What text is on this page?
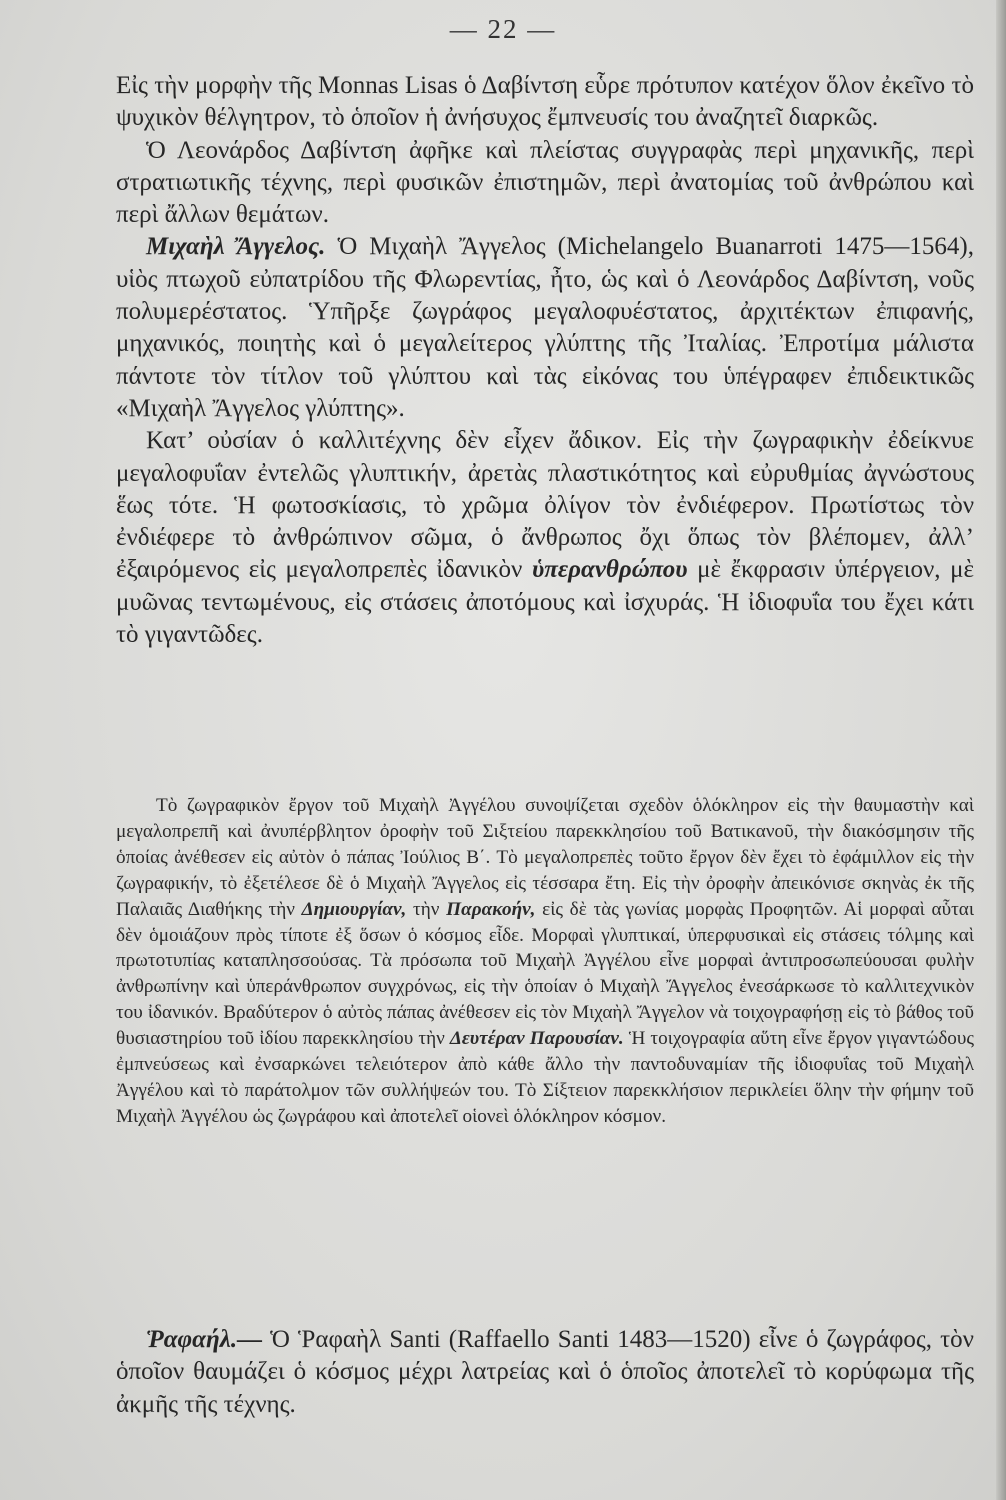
— 22 —

Εἰς τὴν μορφὴν τῆς Monnas Lisas ὁ Δαβίντση εὗρε πρότυπον κατέχον ὅλον ἐκεῖνο τὸ ψυχικὸν θέλγητρον, τὸ ὁποῖον ἡ ἀνήσυχος ἔμπνευσίς του ἀναζητεῖ διαρκῶς.

Ὁ Λεονάρδος Δαβίντση ἀφῆκε καὶ πλείστας συγγραφὰς περὶ μηχανικῆς, περὶ στρατιωτικῆς τέχνης, περὶ φυσικῶν ἐπιστημῶν, περὶ ἀνατομίας τοῦ ἀνθρώπου καὶ περὶ ἄλλων θεμάτων.

Μιχαὴλ Ἄγγελος. Ὁ Μιχαὴλ Ἄγγελος (Michelangelo Buanarroti 1475—1564), υἱὸς πτωχοῦ εὐπατρίδου τῆς Φλωρεντίας, ἦτο, ὡς καὶ ὁ Λεονάρδος Δαβίντση, νοῦς πολυμερέστατος. Ὑπῆρξε ζωγράφος μεγαλοφυέστατος, ἀρχιτέκτων ἐπιφανής, μηχανικός, ποιητὴς καὶ ὁ μεγαλείτερος γλύπτης τῆς Ἰταλίας. Ἐπροτίμα μάλιστα πάντοτε τὸν τίτλον τοῦ γλύπτου καὶ τὰς εἰκόνας του ὑπέγραφεν ἐπιδεικτικῶς «Μιχαὴλ Ἄγγελος γλύπτης».

Κατ’ οὐσίαν ὁ καλλιτέχνης δὲν εἶχεν ἄδικον. Εἰς τὴν ζωγραφικὴν ἐδείκνυε μεγαλοφυΐαν ἐντελῶς γλυπτικήν, ἀρετὰς πλαστικότητος καὶ εὐρυθμίας ἀγνώστους ἕως τότε. Ἡ φωτοσκίασις, τὸ χρῶμα ὀλίγον τὸν ἐνδιέφερον. Πρωτίστως τὸν ἐνδιέφερε τὸ ἀνθρώπινον σῶμα, ὁ ἄνθρωπος ὄχι ὅπως τὸν βλέπομεν, ἀλλ’ ἐξαιρόμενος εἰς μεγαλοπρεπὲς ἰδανικὸν ὑπερανθρώπου μὲ ἔκφρασιν ὑπέργειον, μὲ μυῶνας τεντωμένους, εἰς στάσεις ἀποτόμους καὶ ἰσχυράς. Ἡ ἰδιοφυΐα του ἔχει κάτι τὸ γιγαντῶδες.

Τὸ ζωγραφικὸν ἔργον τοῦ Μιχαὴλ Ἀγγέλου συνοψίζεται σχεδὸν ὁλόκληρον εἰς τὴν θαυμαστὴν καὶ μεγαλοπρεπῆ καὶ ἀνυπέρβλητον ὀροφὴν τοῦ Σιξτείου παρεκκλησίου τοῦ Βατικανοῦ, τὴν διακόσμησιν τῆς ὁποίας ἀνέθεσεν εἰς αὐτὸν ὁ πάπας Ἰούλιος Β΄. Τὸ μεγαλοπρεπὲς τοῦτο ἔργον δὲν ἔχει τὸ ἐφάμιλλον εἰς τὴν ζωγραφικήν, τὸ ἐξετέλεσε δὲ ὁ Μιχαὴλ Ἄγγελος εἰς τέσσαρα ἔτη. Εἰς τὴν ὀροφὴν ἀπεικόνισε σκηνὰς ἐκ τῆς Παλαιᾶς Διαθήκης τὴν Δημιουργίαν, τὴν Παρακοήν, εἰς δὲ τὰς γωνίας μορφὰς Προφητῶν. Αἱ μορφαὶ αὗται δὲν ὁμοιάζουν πρὸς τίποτε ἐξ ὅσων ὁ κόσμος εἶδε. Μορφαὶ γλυπτικαί, ὑπερφυσικαὶ εἰς στάσεις τόλμης καὶ πρωτοτυπίας καταπλησσούσας. Τὰ πρόσωπα τοῦ Μιχαὴλ Ἀγγέλου εἶνε μορφαὶ ἀντιπροσωπεύουσαι φυλὴν ἀνθρωπίνην καὶ ὑπεράνθρωπον συγχρόνως, εἰς τὴν ὁποίαν ὁ Μιχαὴλ Ἄγγελος ἐνεσάρκωσε τὸ καλλιτεχνικὸν του ἰδανικόν. Βραδύτερον ὁ αὐτὸς πάπας ἀνέθεσεν εἰς τὸν Μιχαὴλ Ἄγγελον νὰ τοιχογραφήσῃ εἰς τὸ βάθος τοῦ θυσιαστηρίου τοῦ ἰδίου παρεκκλησίου τὴν Δευτέραν Παρουσίαν. Ἡ τοιχογραφία αὕτη εἶνε ἔργον γιγαντώδους ἐμπνεύσεως καὶ ἐνσαρκώνει τελειότερον ἀπὸ κάθε ἄλλο τὴν παντοδυναμίαν τῆς ἰδιοφυΐας τοῦ Μιχαὴλ Ἀγγέλου καὶ τὸ παράτολμον τῶν συλλήψεών του. Τὸ Σίξτειον παρεκκλήσιον περικλείει ὅλην τὴν φήμην τοῦ Μιχαὴλ Ἀγγέλου ὡς ζωγράφου καὶ ἀποτελεῖ οἱονεὶ ὁλόκληρον κόσμον.

Ῥαφαήλ.— Ὁ Ῥαφαὴλ Santi (Raffaello Santi 1483—1520) εἶνε ὁ ζωγράφος, τὸν ὁποῖον θαυμάζει ὁ κόσμος μέχρι λατρείας καὶ ὁ ὁποῖος ἀποτελεῖ τὸ κορύφωμα τῆς ἀκμῆς τῆς τέχνης.
